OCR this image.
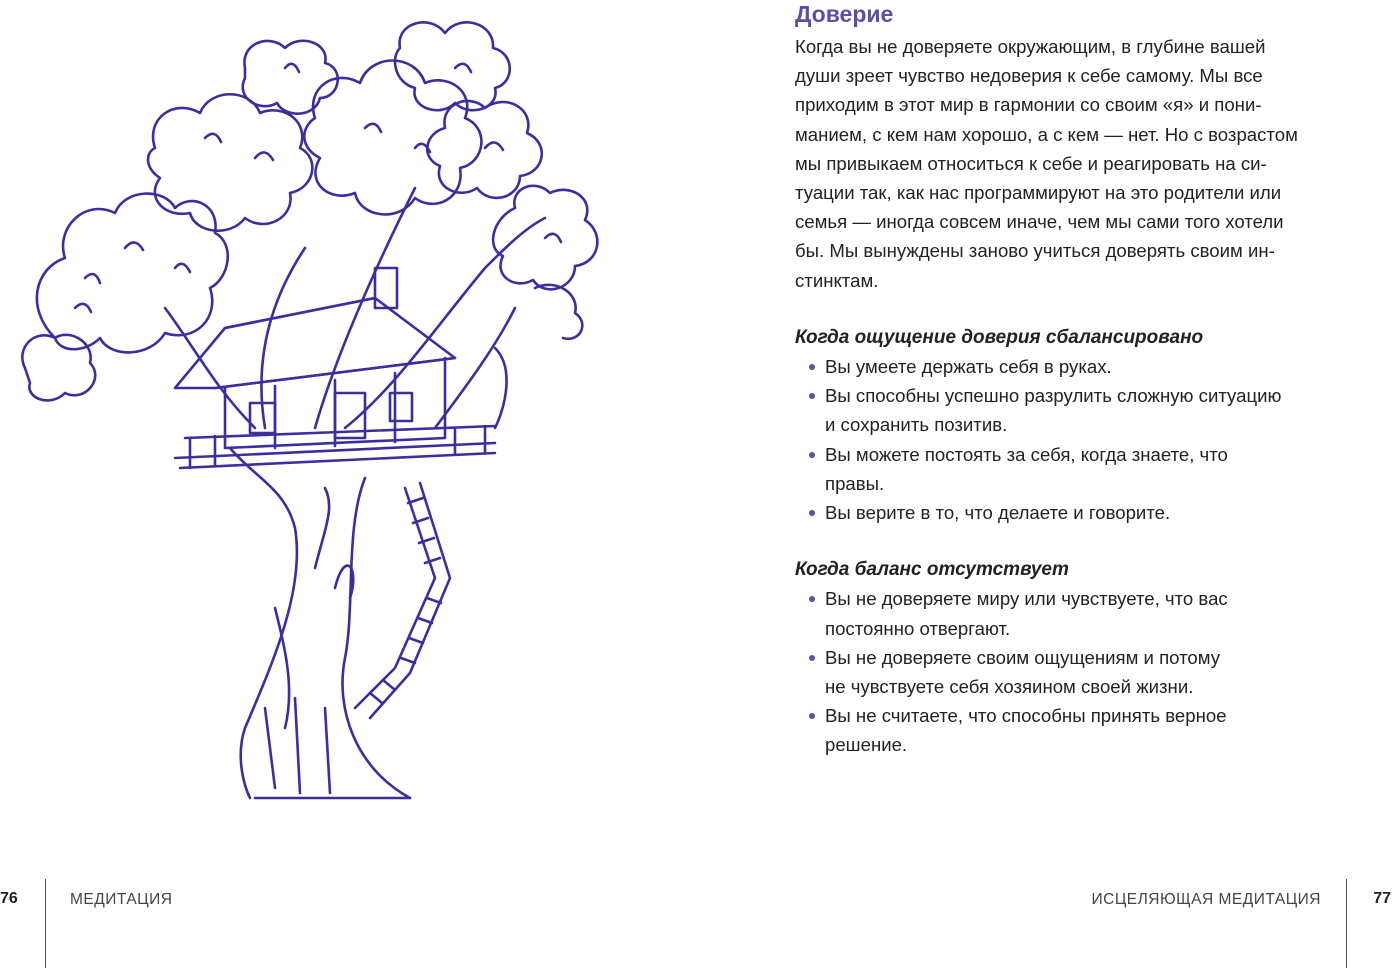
Доверие
Когда вы не доверяете окружающим, в глубине вашей
души зреет чувство недоверия к себе самому. Мы все
приходим в этот мир в гармонии со своим «я» и пони-
манием, с кем нам хорошо, а с кем — нет. Но с возрастом
мы привыкаем относиться к себе и реагировать на си-
туации так, как нас программируют на это родители или
семья — иногда совсем иначе, чем мы сами того хотели
бы. Мы вынуждены заново учиться доверять своим ин-
стинктам.
Когда ощущение доверия сбалансировано
Вы умеете держать себя в руках.
Вы способны успешно разрулить сложную ситуацию
и сохранить позитив.
Вы можете постоять за себя, когда знаете, что
правы.
Вы верите в то, что делаете и говорите.
Когда баланс отсутствует
Вы не доверяете миру или чувствуете, что вас
постоянно отвергают.
Вы не доверяете своим ощущениям и потому
не чувствуете себя хозяином своей жизни.
Вы не считаете, что способны принять верное
решение.
76	МЕДИТАЦИЯ	ИСЦЕЛЯЮЩАЯ МЕДИТАЦИЯ	77
